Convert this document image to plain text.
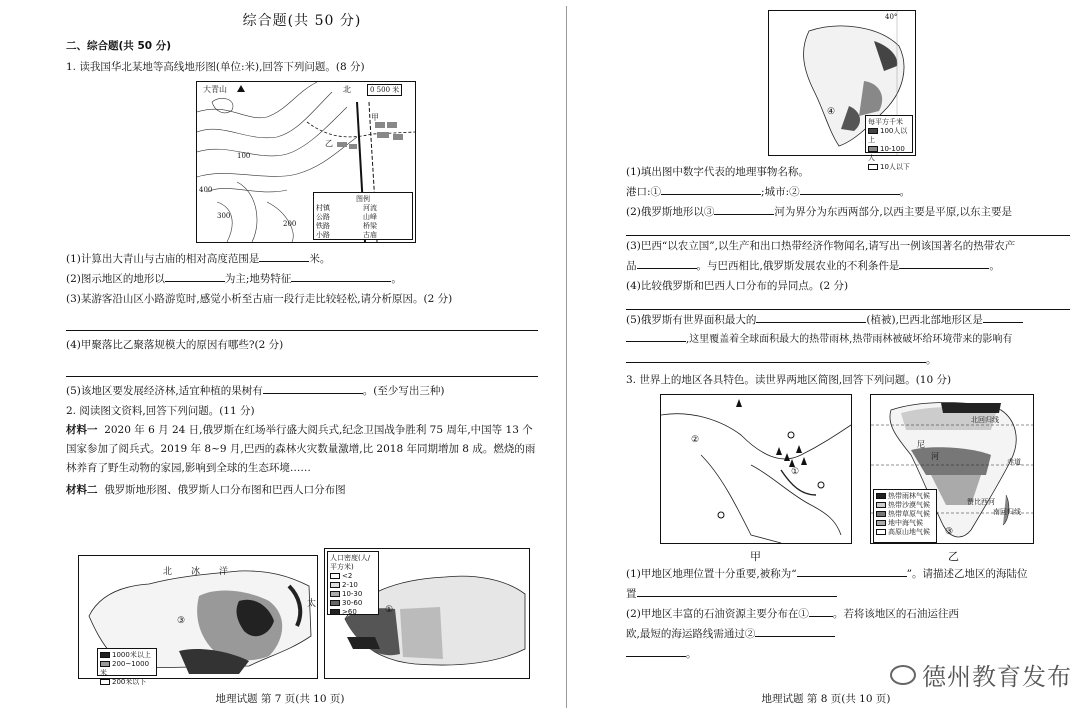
综合题(共 50 分)
二、综合题(共 50 分)
1. 读我国华北某地等高线地形图(单位:米),回答下列问题。(8 分)
大青山	北	0 500 米
甲
乙
400
300
200
100
图例
村镇	河流
公路	山峰
铁路	桥梁
小路	古庙
(1)计算出大青山与古庙的相对高度范围是	米。
(2)图示地区的地形以	为主;地势特征	。
(3)某游客沿山区小路游览时,感觉小析至古庙一段行走比较轻松,请分析原因。(2 分)
(4)甲聚落比乙聚落规模大的原因有哪些?(2 分)
(5)该地区要发展经济林,适宜种植的果树有	。(至少写出三种)
2. 阅读图文资料,回答下列问题。(11 分)
材料一 2020 年 6 月 24 日,俄罗斯在红场举行盛大阅兵式,纪念卫国战争胜利 75 周年,中国等 13 个国家参加了阅兵式。2019 年 8~9 月,巴西的森林火灾数量激增,比 2018 年同期增加 8 成。燃烧的雨林养育了野生动物的家园,影响到全球的生态环境……
材料二 俄罗斯地形图、俄罗斯人口分布图和巴西人口分布图
北 冰 洋
太
③
1000米以上
200~1000米
200米以下
人口密度(人/平方米)
<2
2-10
10-30
30-60
>60	①
地理试题 第 7 页(共 10 页)
40°
④
每平方千米
100人以上
10-100人
10人以下
(1)填出图中数字代表的地理事物名称。
港口:①	;城市:②	。
(2)俄罗斯地形以③	河为界分为东西两部分,以西主要是平原,以东主要是
(3)巴西“以农立国”,以生产和出口热带经济作物闻名,请写出一例该国著名的热带农产
品	。与巴西相比,俄罗斯发展农业的不利条件是	。
(4)比较俄罗斯和巴西人口分布的异同点。(2 分)
(5)俄罗斯有世界面积最大的	(植被),巴西北部地形区是
,这里覆盖着全球面积最大的热带雨林,热带雨林被破坏给环境带来的影响有
。
3. 世界上的地区各具特色。读世界两地区简图,回答下列问题。(10 分)
①
②
北回归线
尼
河
赤道
赞比西河
南回归线
③
热带雨林气候
热带沙漠气候
热带草原气候
地中海气候
高原山地气候
甲	乙
(1)甲地区地理位置十分重要,被称为“	”。请描述乙地区的海陆位
置
(2)甲地区丰富的石油资源主要分布在① 。若将该地区的石油运往西
欧,最短的海运路线需通过②
。
地理试题 第 8 页(共 10 页)
德州教育发布
